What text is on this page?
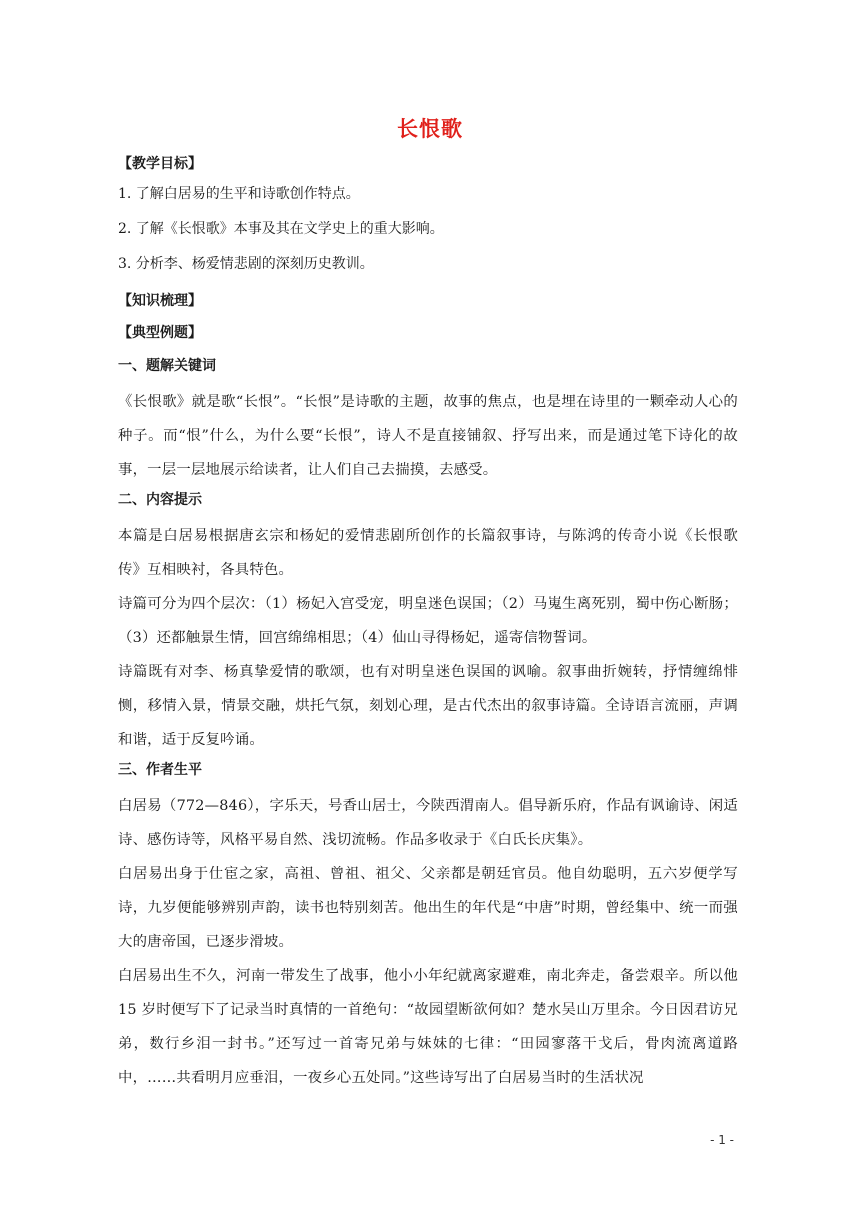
长恨歌

【教学目标】

1. 了解白居易的生平和诗歌创作特点。

2. 了解《长恨歌》本事及其在文学史上的重大影响。

3. 分析李、杨爱情悲剧的深刻历史教训。

【知识梳理】

【典型例题】

一、题解关键词

《长恨歌》就是歌“长恨”。“长恨”是诗歌的主题，故事的焦点，也是埋在诗里的一颗牵动人心的种子。而“恨”什么，为什么要“长恨”，诗人不是直接铺叙、抒写出来，而是通过笔下诗化的故事，一层一层地展示给读者，让人们自己去揣摸，去感受。

二、内容提示

本篇是白居易根据唐玄宗和杨妃的爱情悲剧所创作的长篇叙事诗，与陈鸿的传奇小说《长恨歌传》互相映衬，各具特色。

诗篇可分为四个层次：（1）杨妃入宫受宠，明皇迷色误国；（2）马嵬生离死别，蜀中伤心断肠；（3）还都触景生情，回宫绵绵相思；（4）仙山寻得杨妃，遥寄信物誓词。

诗篇既有对李、杨真挚爱情的歌颂，也有对明皇迷色误国的讽喻。叙事曲折婉转，抒情缠绵悱恻，移情入景，情景交融，烘托气氛，刻划心理，是古代杰出的叙事诗篇。全诗语言流丽，声调和谐，适于反复吟诵。

三、作者生平

白居易（772—846），字乐天，号香山居士，今陕西渭南人。倡导新乐府，作品有讽谕诗、闲适诗、感伤诗等，风格平易自然、浅切流畅。作品多收录于《白氏长庆集》。

白居易出身于仕宦之家，高祖、曾祖、祖父、父亲都是朝廷官员。他自幼聪明，五六岁便学写诗，九岁便能够辨别声韵，读书也特别刻苦。他出生的年代是“中唐”时期，曾经集中、统一而强大的唐帝国，已逐步滑坡。

白居易出生不久，河南一带发生了战事，他小小年纪就离家避难，南北奔走，备尝艰辛。所以他 15 岁时便写下了记录当时真情的一首绝句：“故园望断欲何如？楚水吴山万里余。今日因君访兄弟，数行乡泪一封书。”还写过一首寄兄弟与妹妹的七律：“田园寥落干戈后，骨肉流离道路中，……共看明月应垂泪，一夜乡心五处同。”这些诗写出了白居易当时的生活状况

- 1 -
